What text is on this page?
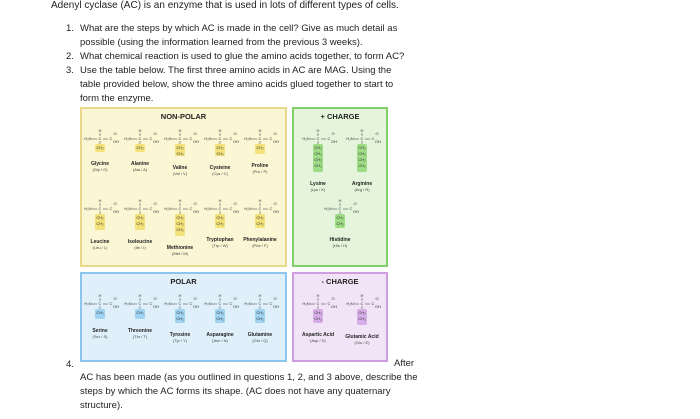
Adenyl cyclase (AC) is an enzyme that is used in lots of different types of cells.
1. What are the steps by which AC is made in the cell? Give as much detail as
possible (using the information learned from the previous 3 weeks).
2. What chemical reaction is used to glue the amino acids together, to form AC?
3. Use the table below. The first three amino acids in AC are MAG. Using the
table provided below, show the three amino acids glued together to start to
form the enzyme.
NON-POLAR
H
H₂N C C
O
OH
CH₂
Glycine
(Gly / G)
H
H₂N C C
O
OH
CH₂
Alanine
(Ala / A)
H
H₂N C C
O
OH
CH₂
CH₂
Valine
(Val / V)
H
H₂N C C
O
OH
CH₂
CH₂
Cysteine
(Cys / C)
H
H₂N C C
O
OH
CH₂
Proline
(Pro / P)
H
H₂N C C
O
OH
CH₂
CH₂
Leucine
(Leu / L)
H
H₂N C C
O
OH
CH₂
CH₂
Isoleucine
(Ile / I)
H
H₂N C C
O
OH
CH₂
CH₂
CH₂
Methionine
(Met / M)
H
H₂N C C
O
OH
CH₂
CH₂
Tryptophan
(Trp / W)
H
H₂N C C
O
OH
CH₂
CH₂
Phenylalanine
(Phe / F)
+ CHARGE
H
H₂N C C
O
OH
CH₂
CH₂
CH₂
CH₂
Lysine
(Lys / K)
H
H₂N C C
O
OH
CH₂
CH₂
CH₂
CH₂
Arginine
(Arg / R)
H
H₂N C C
O
OH
CH₂
CH₂
Histidine
(His / H)
POLAR
H
H₂N C C
O
OH
CH₂
Serine
(Ser / S)
H
H₂N C C
O
OH
CH₂
Threonine
(Thr / T)
H
H₂N C C
O
OH
CH₂
CH₂
Tyrosine
(Tyr / Y)
H
H₂N C C
O
OH
CH₂
CH₂
Asparagine
(Asn / N)
H
H₂N C C
O
OH
CH₂
CH₂
Glutamine
(Gln / Q)
- CHARGE
H
H₂N C C
O
OH
CH₂
CH₂
Aspartic Acid
(Asp / D)
H
H₂N C C
O
OH
CH₂
CH₂
Glutamic Acid
(Glu / E)
4.	After
AC has been made (as you outlined in questions 1, 2, and 3 above, describe the
steps by which the AC forms its shape. (AC does not have any quaternary
structure).
